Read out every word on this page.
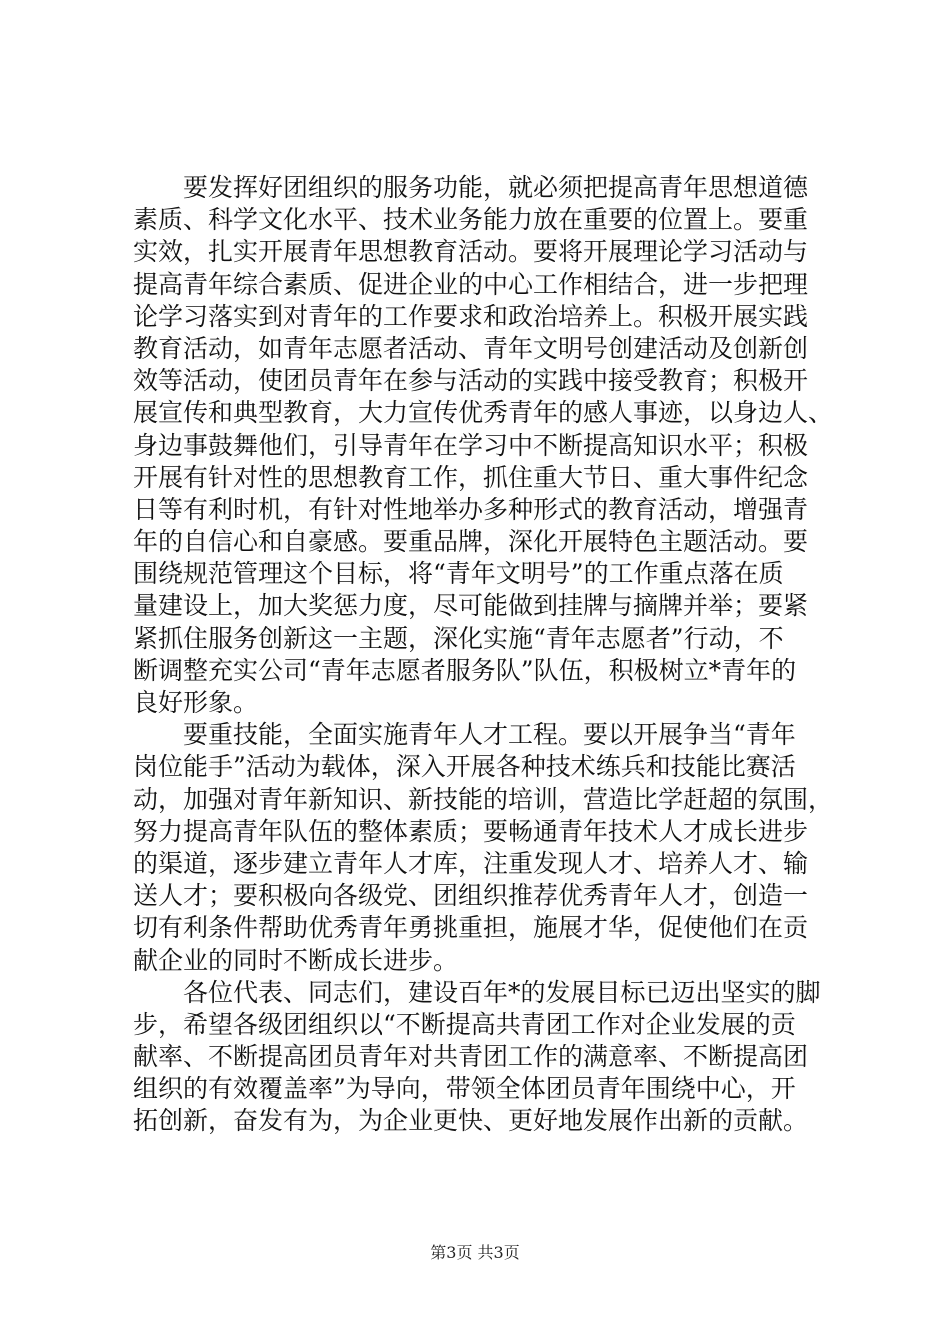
　　要发挥好团组织的服务功能，就必须把提高青年思想道德
素质、科学文化水平、技术业务能力放在重要的位置上。要重
实效，扎实开展青年思想教育活动。要将开展理论学习活动与
提高青年综合素质、促进企业的中心工作相结合，进一步把理
论学习落实到对青年的工作要求和政治培养上。积极开展实践
教育活动，如青年志愿者活动、青年文明号创建活动及创新创
效等活动，使团员青年在参与活动的实践中接受教育；积极开
展宣传和典型教育，大力宣传优秀青年的感人事迹，以身边人、
身边事鼓舞他们，引导青年在学习中不断提高知识水平；积极
开展有针对性的思想教育工作，抓住重大节日、重大事件纪念
日等有利时机，有针对性地举办多种形式的教育活动，增强青
年的自信心和自豪感。要重品牌，深化开展特色主题活动。要
围绕规范管理这个目标，将“青年文明号”的工作重点落在质
量建设上，加大奖惩力度，尽可能做到挂牌与摘牌并举；要紧
紧抓住服务创新这一主题，深化实施“青年志愿者”行动，不
断调整充实公司“青年志愿者服务队”队伍，积极树立*青年的
良好形象。
　　要重技能，全面实施青年人才工程。要以开展争当“青年
岗位能手”活动为载体，深入开展各种技术练兵和技能比赛活
动，加强对青年新知识、新技能的培训，营造比学赶超的氛围，
努力提高青年队伍的整体素质；要畅通青年技术人才成长进步
的渠道，逐步建立青年人才库，注重发现人才、培养人才、输
送人才；要积极向各级党、团组织推荐优秀青年人才，创造一
切有利条件帮助优秀青年勇挑重担，施展才华，促使他们在贡
献企业的同时不断成长进步。
　　各位代表、同志们，建设百年*的发展目标已迈出坚实的脚
步，希望各级团组织以“不断提高共青团工作对企业发展的贡
献率、不断提高团员青年对共青团工作的满意率、不断提高团
组织的有效覆盖率”为导向，带领全体团员青年围绕中心，开
拓创新，奋发有为，为企业更快、更好地发展作出新的贡献。
第3页 共3页
